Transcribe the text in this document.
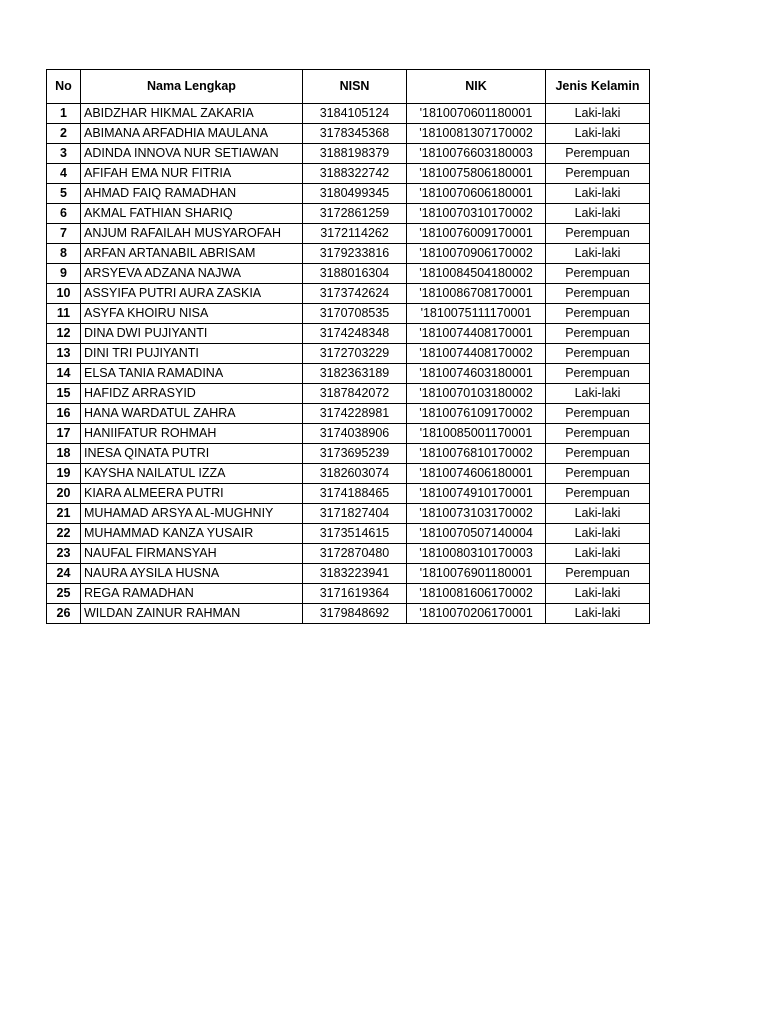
No	Nama Lengkap	NISN	NIK	Jenis Kelamin
1	ABIDZHAR HIKMAL ZAKARIA	3184105124	'1810070601180001	Laki-laki
2	ABIMANA ARFADHIA MAULANA	3178345368	'1810081307170002	Laki-laki
3	ADINDA INNOVA NUR SETIAWAN	3188198379	'1810076603180003	Perempuan
4	AFIFAH EMA NUR FITRIA	3188322742	'1810075806180001	Perempuan
5	AHMAD FAIQ RAMADHAN	3180499345	'1810070606180001	Laki-laki
6	AKMAL FATHIAN SHARIQ	3172861259	'1810070310170002	Laki-laki
7	ANJUM RAFAILAH MUSYAROFAH	3172114262	'1810076009170001	Perempuan
8	ARFAN ARTANABIL ABRISAM	3179233816	'1810070906170002	Laki-laki
9	ARSYEVA ADZANA NAJWA	3188016304	'1810084504180002	Perempuan
10	ASSYIFA PUTRI AURA ZASKIA	3173742624	'1810086708170001	Perempuan
11	ASYFA KHOIRU NISA	3170708535	'1810075111170001	Perempuan
12	DINA DWI PUJIYANTI	3174248348	'1810074408170001	Perempuan
13	DINI TRI PUJIYANTI	3172703229	'1810074408170002	Perempuan
14	ELSA TANIA RAMADINA	3182363189	'1810074603180001	Perempuan
15	HAFIDZ ARRASYID	3187842072	'1810070103180002	Laki-laki
16	HANA WARDATUL ZAHRA	3174228981	'1810076109170002	Perempuan
17	HANIIFATUR ROHMAH	3174038906	'1810085001170001	Perempuan
18	INESA QINATA PUTRI	3173695239	'1810076810170002	Perempuan
19	KAYSHA NAILATUL IZZA	3182603074	'1810074606180001	Perempuan
20	KIARA ALMEERA PUTRI	3174188465	'1810074910170001	Perempuan
21	MUHAMAD ARSYA AL-MUGHNIY	3171827404	'1810073103170002	Laki-laki
22	MUHAMMAD KANZA YUSAIR	3173514615	'1810070507140004	Laki-laki
23	NAUFAL FIRMANSYAH	3172870480	'1810080310170003	Laki-laki
24	NAURA AYSILA HUSNA	3183223941	'1810076901180001	Perempuan
25	REGA RAMADHAN	3171619364	'1810081606170002	Laki-laki
26	WILDAN ZAINUR RAHMAN	3179848692	'1810070206170001	Laki-laki
